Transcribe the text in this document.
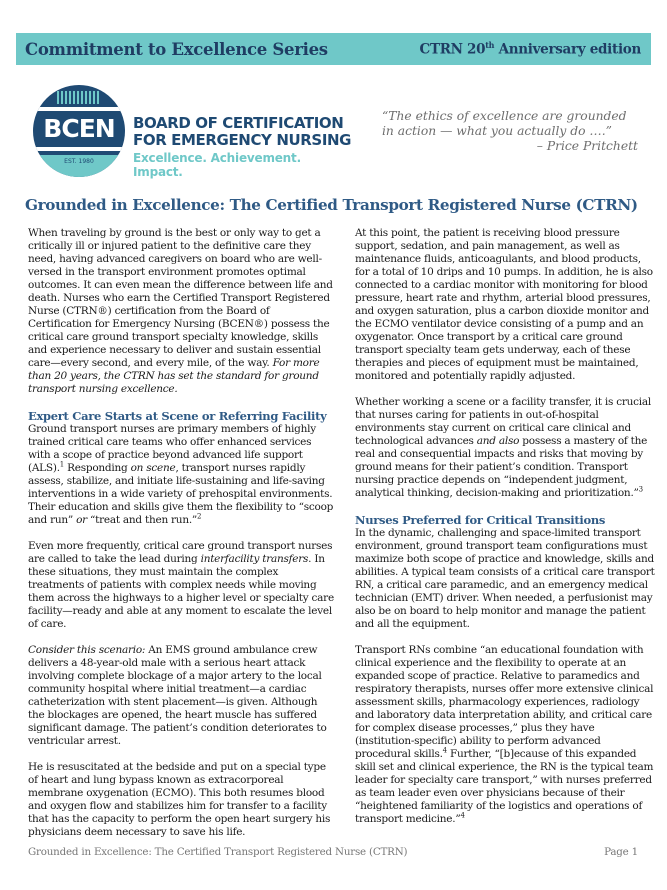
Commitment to Excellence Series	CTRN 20th Anniversary edition
BCEN
EST. 1980
BOARD OF CERTIFICATION
FOR EMERGENCY NURSING
Excellence. Achievement. Impact.
“The ethics of excellence are grounded in action — what you actually do ….”
– Price Pritchett
Grounded in Excellence: The Certified Transport Registered Nurse (CTRN)

When traveling by ground is the best or only way to get a critically ill or injured patient to the definitive care they need, having advanced caregivers on board who are well-versed in the transport environment promotes optimal outcomes. It can even mean the difference between life and death. Nurses who earn the Certified Transport Registered Nurse (CTRN®) certification from the Board of Certification for Emergency Nursing (BCEN®) possess the critical care ground transport specialty knowledge, skills and experience necessary to deliver and sustain essential care—every second, and every mile, of the way. For more than 20 years, the CTRN has set the standard for ground transport nursing excellence.

Expert Care Starts at Scene or Referring Facility

Ground transport nurses are primary members of highly trained critical care teams who offer enhanced services with a scope of practice beyond advanced life support (ALS).$^1$ Responding on scene, transport nurses rapidly assess, stabilize, and initiate life-sustaining and life-saving interventions in a wide variety of prehospital environments. Their education and skills give them the flexibility to “scoop and run” or “treat and then run.”$^2$

Even more frequently, critical care ground transport nurses are called to take the lead during interfacility transfers. In these situations, they must maintain the complex treatments of patients with complex needs while moving them across the highways to a higher level or specialty care facility—ready and able at any moment to escalate the level of care.

Consider this scenario: An EMS ground ambulance crew delivers a 48-year-old male with a serious heart attack involving complete blockage of a major artery to the local community hospital where initial treatment—a cardiac catheterization with stent placement—is given. Although the blockages are opened, the heart muscle has suffered significant damage. The patient’s condition deteriorates to ventricular arrest.

He is resuscitated at the bedside and put on a special type of heart and lung bypass known as extracorporeal membrane oxygenation (ECMO). This both resumes blood and oxygen flow and stabilizes him for transfer to a facility that has the capacity to perform the open heart surgery his physicians deem necessary to save his life.

At this point, the patient is receiving blood pressure support, sedation, and pain management, as well as maintenance fluids, anticoagulants, and blood products, for a total of 10 drips and 10 pumps. In addition, he is also connected to a cardiac monitor with monitoring for blood pressure, heart rate and rhythm, arterial blood pressures, and oxygen saturation, plus a carbon dioxide monitor and the ECMO ventilator device consisting of a pump and an oxygenator. Once transport by a critical care ground transport specialty team gets underway, each of these therapies and pieces of equipment must be maintained, monitored and potentially rapidly adjusted.

Whether working a scene or a facility transfer, it is crucial that nurses caring for patients in out-of-hospital environments stay current on critical care clinical and technological advances and also possess a mastery of the real and consequential impacts and risks that moving by ground means for their patient’s condition. Transport nursing practice depends on “independent judgment, analytical thinking, decision-making and prioritization.”$^3$

Nurses Preferred for Critical Transitions

In the dynamic, challenging and space-limited transport environment, ground transport team configurations must maximize both scope of practice and knowledge, skills and abilities. A typical team consists of a critical care transport RN, a critical care paramedic, and an emergency medical technician (EMT) driver. When needed, a perfusionist may also be on board to help monitor and manage the patient and all the equipment.

Transport RNs combine “an educational foundation with clinical experience and the flexibility to operate at an expanded scope of practice. Relative to paramedics and respiratory therapists, nurses offer more extensive clinical assessment skills, pharmacology experiences, radiology and laboratory data interpretation ability, and critical care for complex disease processes,” plus they have (institution-specific) ability to perform advanced procedural skills.$^4$ Further, “[b]ecause of this expanded skill set and clinical experience, the RN is the typical team leader for specialty care transport,” with nurses preferred as team leader even over physicians because of their “heightened familiarity of the logistics and operations of transport medicine.”$^4$

Grounded in Excellence: The Certified Transport Registered Nurse (CTRN)	Page 1
